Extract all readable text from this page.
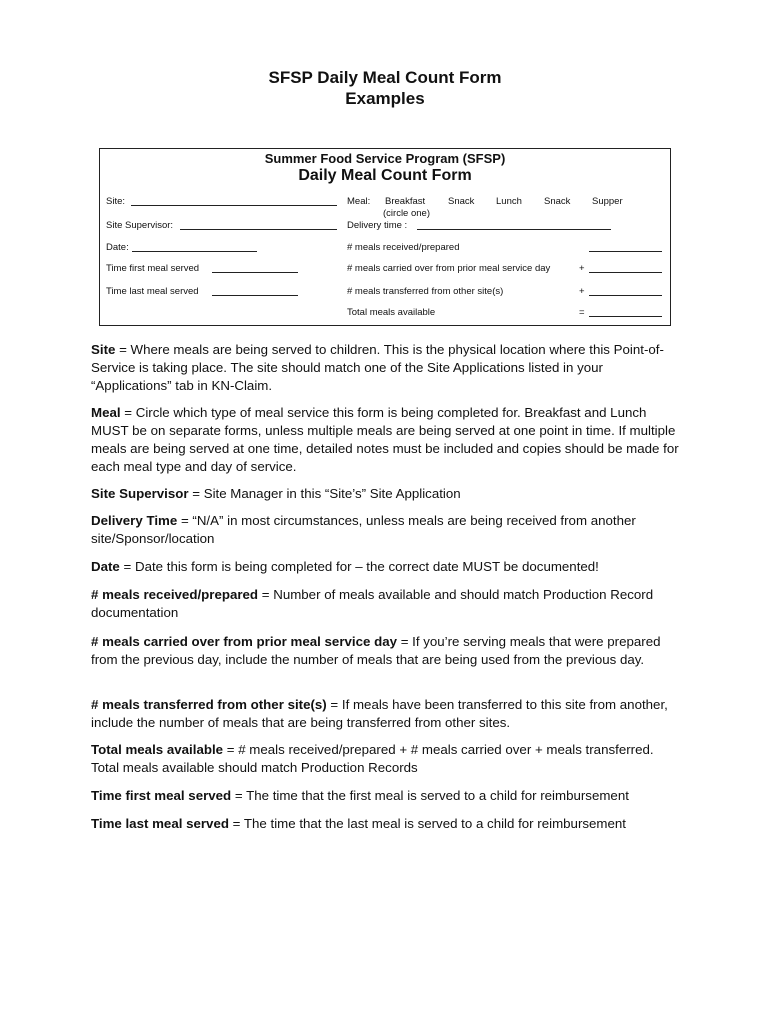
SFSP Daily Meal Count Form
Examples
Summer Food Service Program (SFSP)
Daily Meal Count Form
Site:
Site Supervisor:
Date:
Time first meal served
Time last meal served
Meal: Breakfast Snack Lunch Snack Supper
(circle one)
Delivery time :
# meals received/prepared
# meals carried over from prior meal service day	+
# meals transferred from other site(s)	+
Total meals available	=
Site = Where meals are being served to children. This is the physical location where this Point-of-Service is taking place. The site should match one of the Site Applications listed in your “Applications” tab in KN-Claim.
Meal = Circle which type of meal service this form is being completed for. Breakfast and Lunch MUST be on separate forms, unless multiple meals are being served at one point in time. If multiple meals are being served at one time, detailed notes must be included and copies should be made for each meal type and day of service.
Site Supervisor = Site Manager in this “Site’s” Site Application
Delivery Time = “N/A” in most circumstances, unless meals are being received from another site/Sponsor/location
Date = Date this form is being completed for – the correct date MUST be documented!
# meals received/prepared = Number of meals available and should match Production Record documentation
# meals carried over from prior meal service day = If you’re serving meals that were prepared from the previous day, include the number of meals that are being used from the previous day.
# meals transferred from other site(s) = If meals have been transferred to this site from another, include the number of meals that are being transferred from other sites.
Total meals available = # meals received/prepared + # meals carried over + meals transferred. Total meals available should match Production Records
Time first meal served = The time that the first meal is served to a child for reimbursement
Time last meal served = The time that the last meal is served to a child for reimbursement
